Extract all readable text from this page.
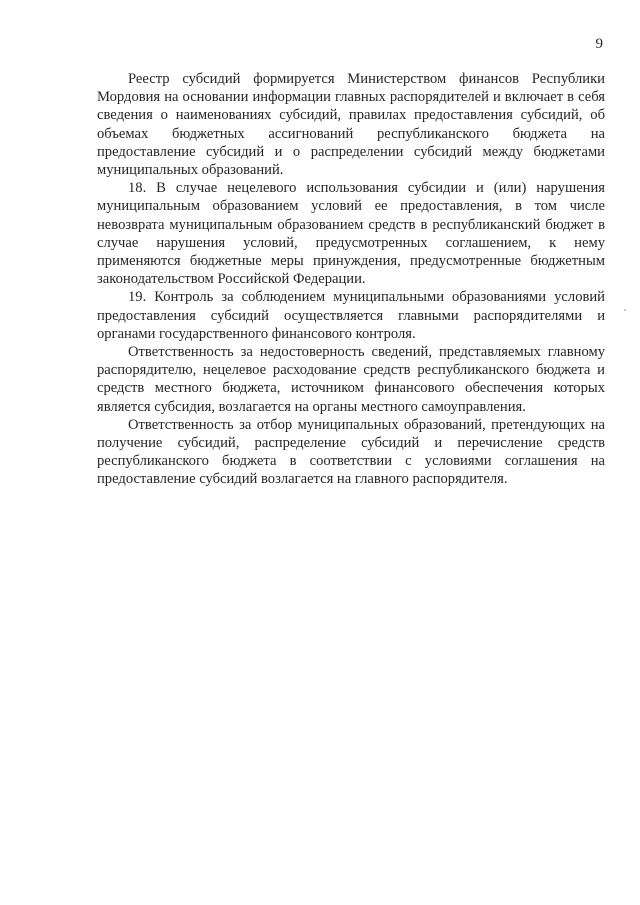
9

Реестр субсидий формируется Министерством финансов Республики Мордовия на основании информации главных распорядителей и включает в себя сведения о наименованиях субсидий, правилах предоставления субсидий, об объемах бюджетных ассигнований республиканского бюджета на предоставление субсидий и о распределении субсидий между бюджетами муниципальных образований.

18. В случае нецелевого использования субсидии и (или) нарушения муниципальным образованием условий ее предоставления, в том числе невозврата муниципальным образованием средств в республиканский бюджет в случае нарушения условий, предусмотренных соглашением, к нему применяются бюджетные меры принуждения, предусмотренные бюджетным законодательством Российской Федерации.

19. Контроль за соблюдением муниципальными образованиями условий предоставления субсидий осуществляется главными распорядителями и органами государственного финансового контроля.

Ответственность за недостоверность сведений, представляемых главному распорядителю, нецелевое расходование средств республиканского бюджета и средств местного бюджета, источником финансового обеспечения которых является субсидия, возлагается на органы местного самоуправления.

Ответственность за отбор муниципальных образований, претендующих на получение субсидий, распределение субсидий и перечисление средств республиканского бюджета в соответствии с условиями соглашения на предоставление субсидий возлагается на главного распорядителя.
